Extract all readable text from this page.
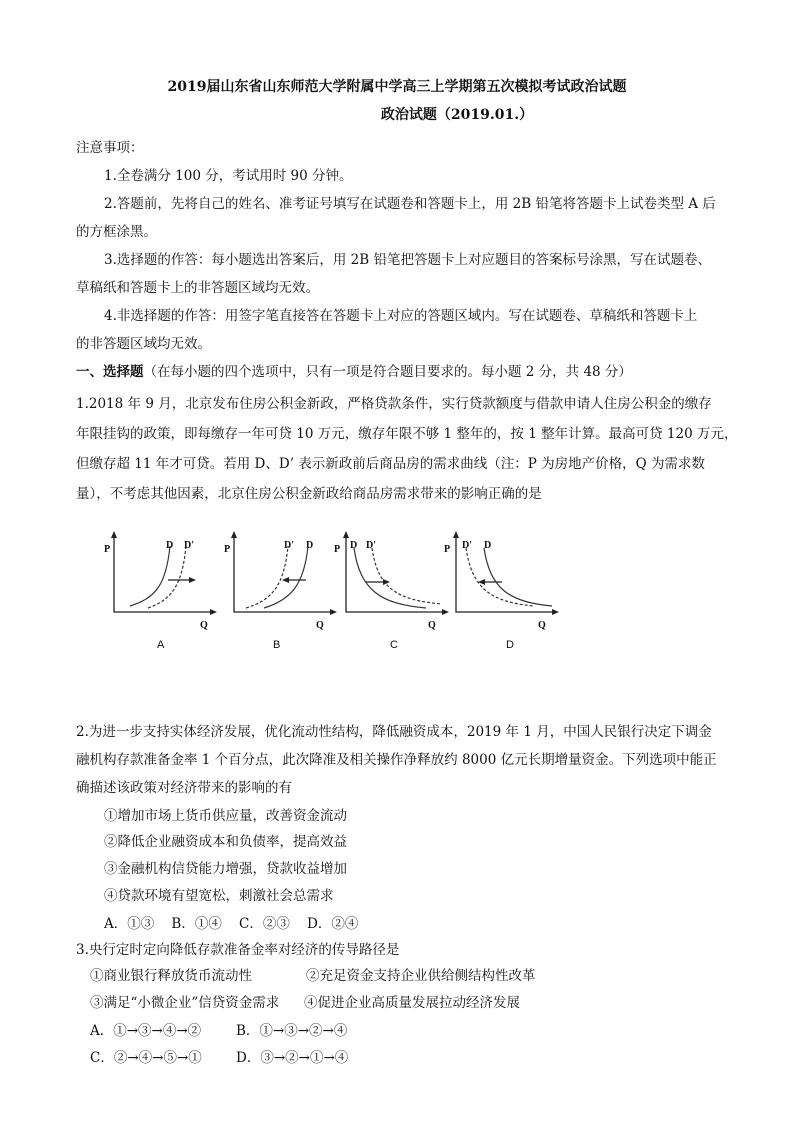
2019届山东省山东师范大学附属中学高三上学期第五次模拟考试政治试题
政治试题（2019.01.）
注意事项：
1.全卷满分 100 分，考试用时 90 分钟。
2.答题前，先将自己的姓名、准考证号填写在试题卷和答题卡上，用 2B 铅笔将答题卡上试卷类型 A 后
的方框涂黑。
3.选择题的作答：每小题选出答案后，用 2B 铅笔把答题卡上对应题目的答案标号涂黑，写在试题卷、
草稿纸和答题卡上的非答题区域均无效。
4.非选择题的作答：用签字笔直接答在答题卡上对应的答题区域内。写在试题卷、草稿纸和答题卡上
的非答题区域均无效。
一、选择题（在每小题的四个选项中，只有一项是符合题目要求的。每小题 2 分，共 48 分）
1.2018 年 9 月，北京发布住房公积金新政，严格贷款条件，实行贷款额度与借款申请人住房公积金的缴存
年限挂钩的政策，即每缴存一年可贷 10 万元，缴存年限不够 1 整年的，按 1 整年计算。最高可贷 120 万元，
但缴存超 11 年才可贷。若用 D、D’ 表示新政前后商品房的需求曲线（注：P 为房地产价格，Q 为需求数
量），不考虑其他因素，北京住房公积金新政给商品房需求带来的影响正确的是
P
Q
D D'
A
P
Q
D' D
B
P
Q
D D'
C
P
Q
D' D
D
2.为进一步支持实体经济发展，优化流动性结构，降低融资成本，2019 年 1 月，中国人民银行决定下调金
融机构存款准备金率 1 个百分点，此次降准及相关操作净释放约 8000 亿元长期增量资金。下列选项中能正
确描述该政策对经济带来的影响的有
①增加市场上货币供应量，改善资金流动
②降低企业融资成本和负债率，提高效益
③金融机构信贷能力增强，贷款收益增加
④贷款环境有望宽松，刺激社会总需求
A．①③    B．①④    C．②③    D．②④
3.央行定时定向降低存款准备金率对经济的传导路径是
①商业银行释放货币流动性	②充足资金支持企业供给侧结构性改革
③满足“小微企业”信贷资金需求 ④促进企业高质量发展拉动经济发展
A．①→③→④→②	B．①→③→②→④
C．②→④→⑤→①	D．③→②→①→④
